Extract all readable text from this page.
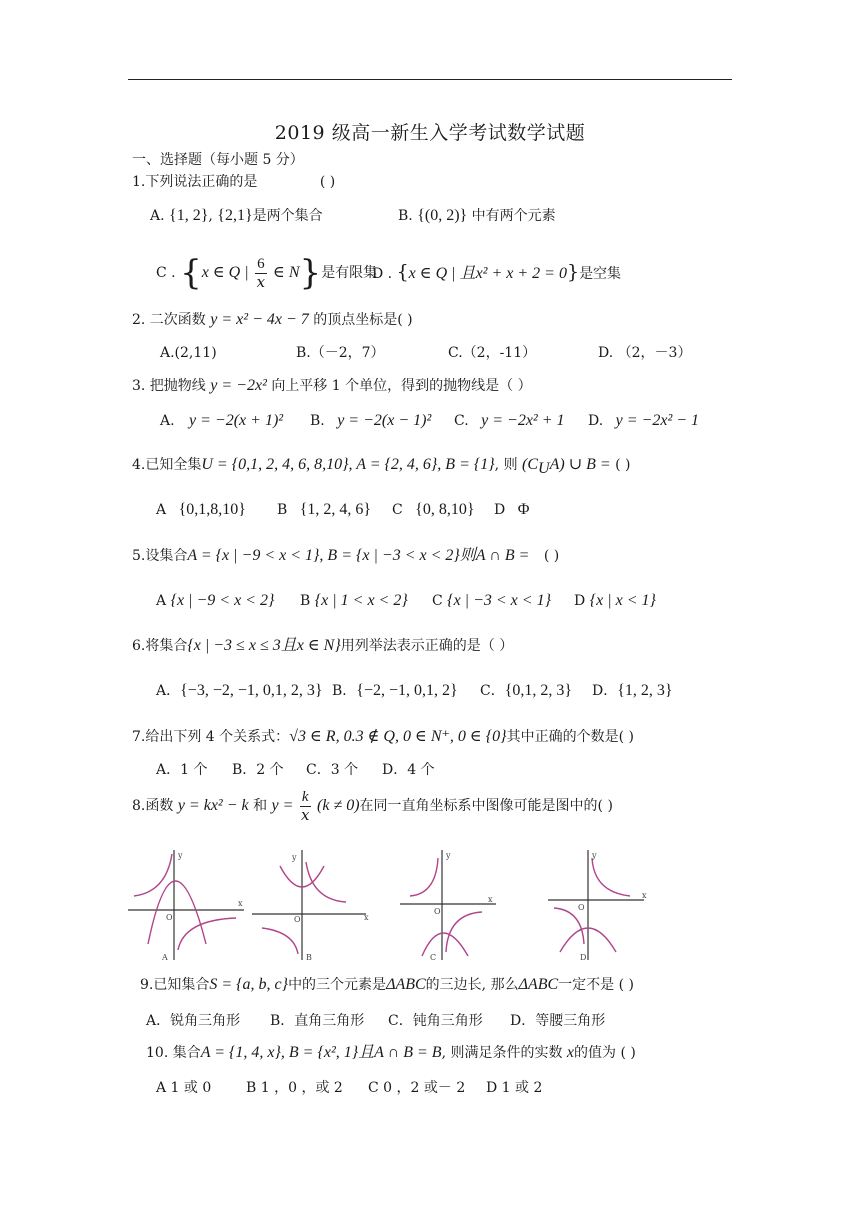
2019 级高一新生入学考试数学试题
一、选择题（每小题 5 分）
1.下列说法正确的是	( )
A. {1, 2}, {2,1}是两个集合	B. {(0, 2)} 中有两个元素
C . {x ∈ Q | $\frac{6}{x}$ ∈ N}是有限集
D . {x ∈ Q | 且x² + x + 2 = 0}是空集
2. 二次函数 y = x² − 4x − 7 的顶点坐标是( )
A.(2,11)	B.（－2，7）	C.（2，-11）	D. （2，－3）
3. 把抛物线 y = −2x² 向上平移 1 个单位，得到的抛物线是（ ）
A. y = −2(x + 1)² B. y = −2(x − 1)² C. y = −2x² + 1 D. y = −2x² − 1
4.已知全集U = {0,1, 2, 4, 6, 8,10}, A = {2, 4, 6}, B = {1}, 则 $(C_UA)$ ∪ B = ( )
A {0,1,8,10} B {1, 2, 4, 6} C {0, 8,10} D Φ
5.设集合A = {x | −9 < x < 1}, B = {x | −3 < x < 2}则A ∩ B = ( )
A {x | −9 < x < 2} B {x | 1 < x < 2} C {x | −3 < x < 1} D {x | x < 1}
6.将集合{x | −3 ≤ x ≤ 3且x ∈ N}用列举法表示正确的是（ ）
A．{−3, −2, −1, 0,1, 2, 3} B．{−2, −1, 0,1, 2} C．{0,1, 2, 3} D．{1, 2, 3}
7.给出下列 4 个关系式：√3 ∈ R, 0.3 ∉ Q, 0 ∈ N⁺, 0 ∈ {0}其中正确的个数是( )
A．1 个 B．2 个 C．3 个 D．4 个
8.函数 y = kx² − k 和 $y = \frac{k}{x} (k \ne 0)$在同一直角坐标系中图像可能是图中的( )
y
x
O
A
y
x
O
B
y
x
O
C
y
x
O
D
9.已知集合S = {a, b, c}中的三个元素是ΔABC的三边长, 那么ΔABC一定不是 ( )
A．锐角三角形 B．直角三角形 C．钝角三角形 D．等腰三角形
10. 集合A = {1, 4, x}, B = {x², 1}且A ∩ B = B, 则满足条件的实数 x的值为 ( )
A 1 或 0 B 1 ，0 ，或 2 C 0 ，2 或－ 2 D 1 或 2
